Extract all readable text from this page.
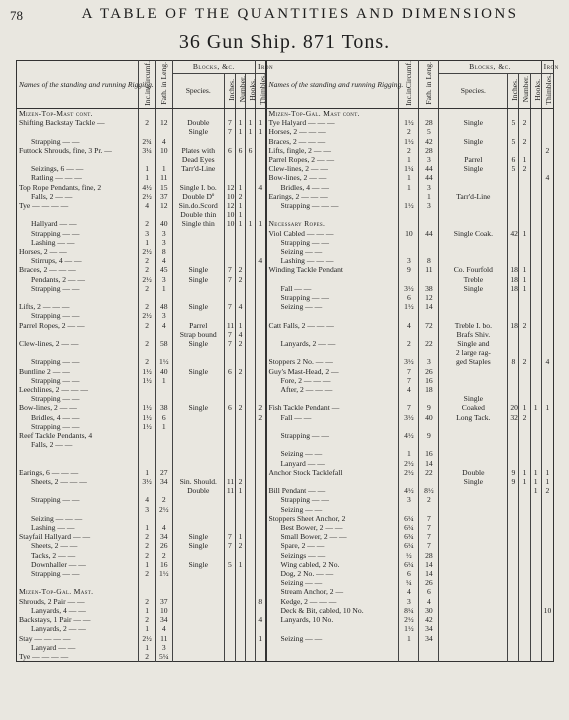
78	A TABLE OF THE QUANTITIES AND DIMENSIONS
36 Gun Ship. 871 Tons.
Names of the standing and running Rigging.	Inc.inCircumf.	Fath. in Leng.	Blocks, &c.				Iron	Names of the standing and running Rigging.	Inc.inCircumf.	Fath. in Leng.	Blocks, &c.				Iron
			Species.	Inches.	Number.	Hooks.	Thimbles.				Species.	Inches.	Number.	Hooks.	Thimbles.
Mizen-Top-Mast cont.								Mizen-Top-Gal. Mast cont.							
Shifting Backstay Tackle —	2	12	Double	7	1	1	1	Tye Halyard — — —	1½	28	Single	5	2		
			Single	7	1	1	1	Horses, 2 — — —	2	5					
Strapping — —	2¾	4						Braces, 2 — — —	1½	42	Single	5	2		
Futtock Shrouds, fine, 3 Pr. —	3¼	10	Plates with	6	6	6		Lifts, fingle, 2 — —	2	28					2
			Dead Eyes					Parrel Ropes, 2 — —	1	3	Parrel	6	1		
Seizings, 6 — —	1	1	Tarr'd-Line					Clew-lines, 2 — —	1¼	44	Single	5	2		
Ratling — — —	1	11						Bow-lines, 2 — —	1	44					4
Top Rope Pendants, fine, 2	4½	15	Single I. bo.	12	1		4	Bridles, 4 — —	1	3					
Falls, 2 — —	2½	37	Double Dº	10	2			Earings, 2 — — —		1	Tarr'd-Line				
Tye — — — —	4	12	Sin.do.Scord	12	1			Strapping — — —	1½	3					
			Double thin	10	1										
Hallyard — —	2	40	Single thin	10	1	1	1	Necessary Ropes.							
Strapping — —	3	3						Viol Cabled — — —	10	44	Single Coak.	42	1		
Lashing — —	1	3						Strapping — —							
Horses, 2 — —	2½	8						Seizing — —							
Stirrups, 4 — —	2	4					4	Lashing — — —	3	8					
Braces, 2 — — —	2	45	Single	7	2			Winding Tackle Pendant	9	11	Co. Fourfold	18	1		
Pendants, 2 — —	2½	3	Single	7	2						Treble	18	1		
Strapping — —	2	1						Fall — —	3½	38	Single	18	1		
								Strapping — —	6	12					
Lifts, 2 — — —	2	48	Single	7	4			Seizing — —	1½	14					
Strapping — —	2½	3													
Parrel Ropes, 2 — —	2	4	Parrel	11	1			Catt Falls, 2 — — —	4	72	Treble I. bo.	18	2		
			Strap bound	7	4						Brafs Shiv.				
Clew-lines, 2 — —	2	58	Single	7	2			Lanyards, 2 — —	2	22	Single and				
											2 large rag-				
Strapping — —	2	1½						Stoppers 2 No. — —	3½	3	ged Staples	8	2		4
Buntline 2 — —	1½	40	Single	6	2			Guy's Mast-Head, 2 —	7	26					
Strapping — —	1½	1						Fore, 2 — — —	7	16					
Leechlines, 2 — — —								After, 2 — — —	4	18					
Strapping — —											Single				
Bow-lines, 2 — —	1½	38	Single	6	2		2	Fish Tackle Pendant —	7	9	Coaked	20	1	1	1
Bridles, 4 — —	1½	6					2	Fall — —	3½	40	Long Tack.	32	2		
Strapping — —	1½	1													
Reef Tackle Pendants, 4								Strapping — —	4½	9					
Falls, 2 — —															
								Seizing — —	1	16					
								Lanyard — —	2½	14					
Earings, 6 — — —	1	27						Anchor Stock Tacklefall	2½	22	Double	9	1	1	1
Sheets, 2 — — —	3½	34	Sin. Should.	11	2						Single	9	1	1	1
			Double	11	1			Bill Pendant — —	4½	8½				1	2
Strapping — —	4	2						Strapping — —	3	2					
	3	2½						Seizing — —							
Seizing — — —								Stoppers Sheet Anchor, 2	6¼	7					
Lashing — —	1	4						Best Bower, 2 — —	6¼	7					
Stayfail Hallyard — —	2	34	Single	7	1			Small Bower, 2 — —	6¾	7					
Sheets, 2 — —	2	26	Single	7	2			Spare, 2 — —	6¼	7					
Tacks, 2 — —	2	2						Seizings — —	½	28					
Downhaller — —	1	16	Single	5	1			Wing cabled, 2 No.	6¼	14					
Strapping — —	2	1½						Dog, 2 No. — —	6	14					
								Seizing — —	¼	26					
Mizen-Top-Gal. Mast.								Stream Anchor, 2 —	4	6					
Shrouds, 2 Pair — —	2	37					8	Kedge, 2 — — —	3	4					
Lanyards, 4 — —	1	10						Deck & Bit, cabled, 10 No.	8¼	30					10
Backstays, 1 Pair — —	2	34					4	Lanyards, 10 No.	2½	42					
Lanyards, 2 — —	1	4							1½	34					
Stay — — — —	2½	11					1	Seizing — —	1	34					
Lanyard — —	1	3													
Tye — — — —	2	5¼													
